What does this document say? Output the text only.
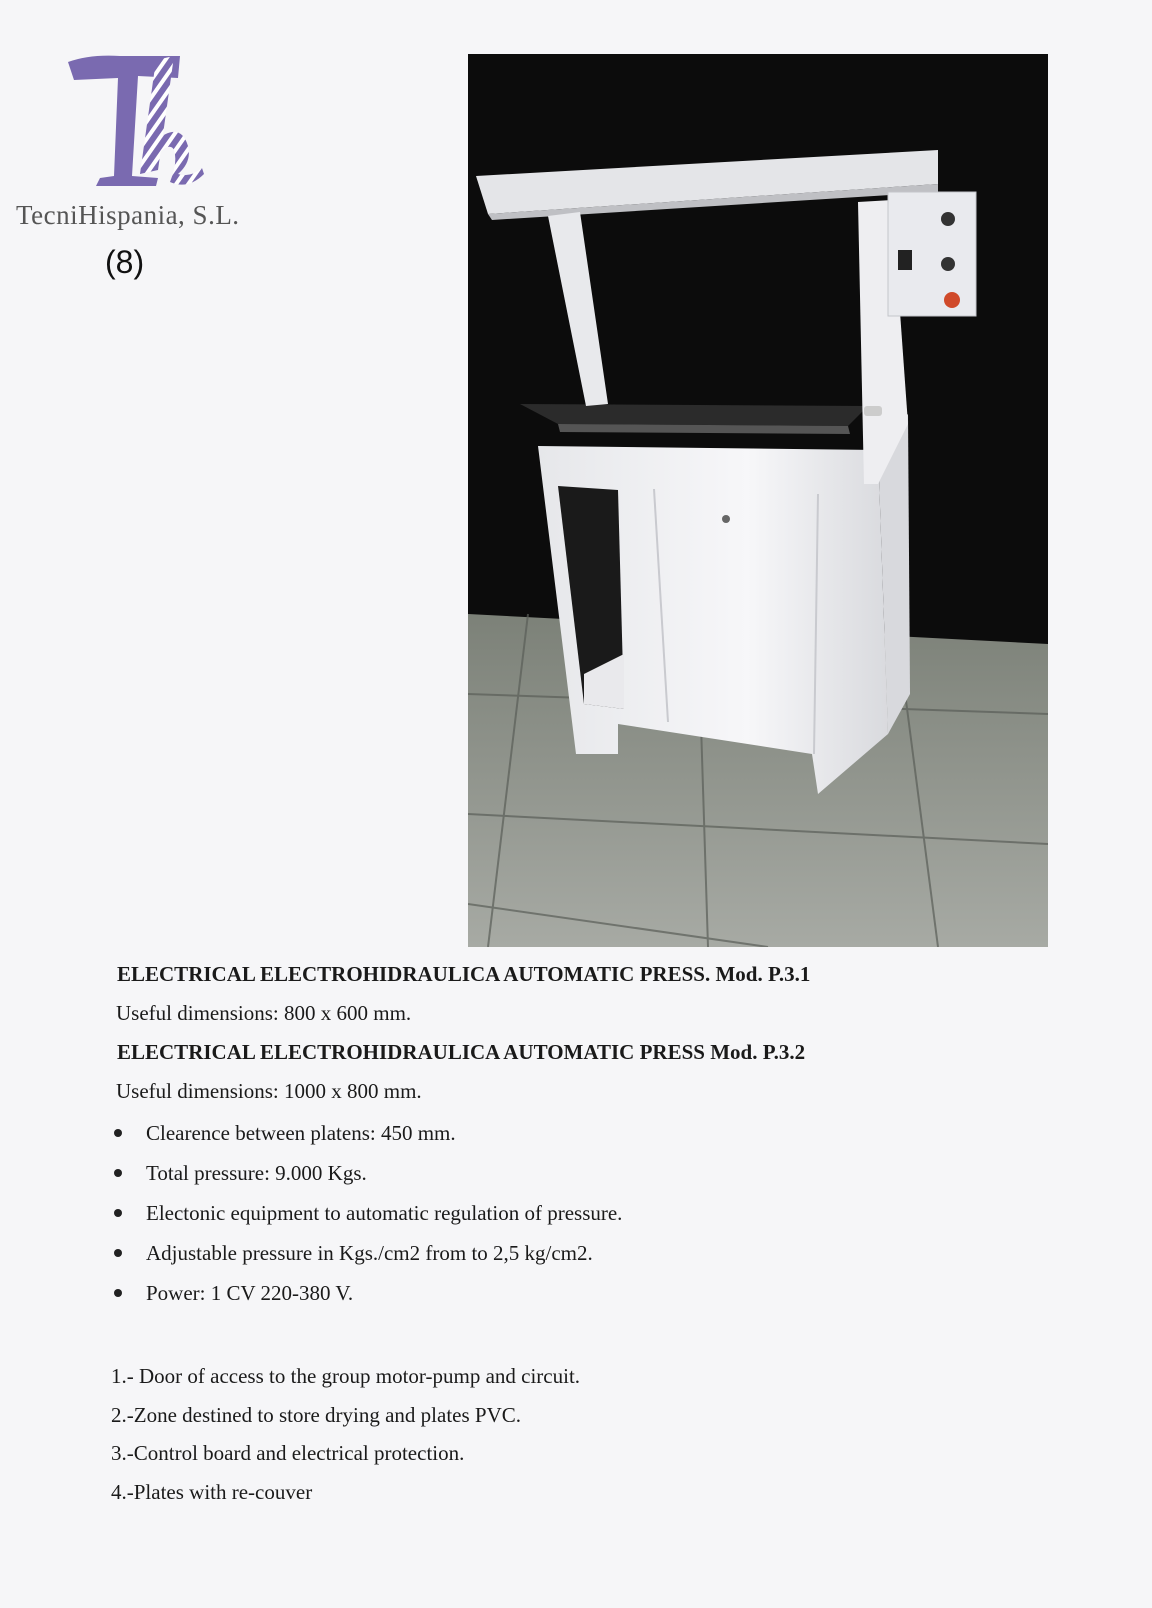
TecniHispania, S.L.
(8)
ELECTRICAL ELECTROHIDRAULICA AUTOMATIC PRESS. Mod. P.3.1
Useful dimensions: 800 x 600 mm.
ELECTRICAL ELECTROHIDRAULICA AUTOMATIC PRESS Mod. P.3.2
Useful dimensions: 1000 x 800 mm.
Clearence between platens: 450 mm.
Total pressure: 9.000 Kgs.
Electonic equipment to automatic regulation of pressure.
Adjustable pressure in Kgs./cm2 from to 2,5 kg/cm2.
Power: 1 CV 220-380 V.
1.- Door of access to the group motor-pump and circuit.
2.-Zone destined to store drying and plates PVC.
3.-Control board and electrical protection.
4.-Plates with re-couver
